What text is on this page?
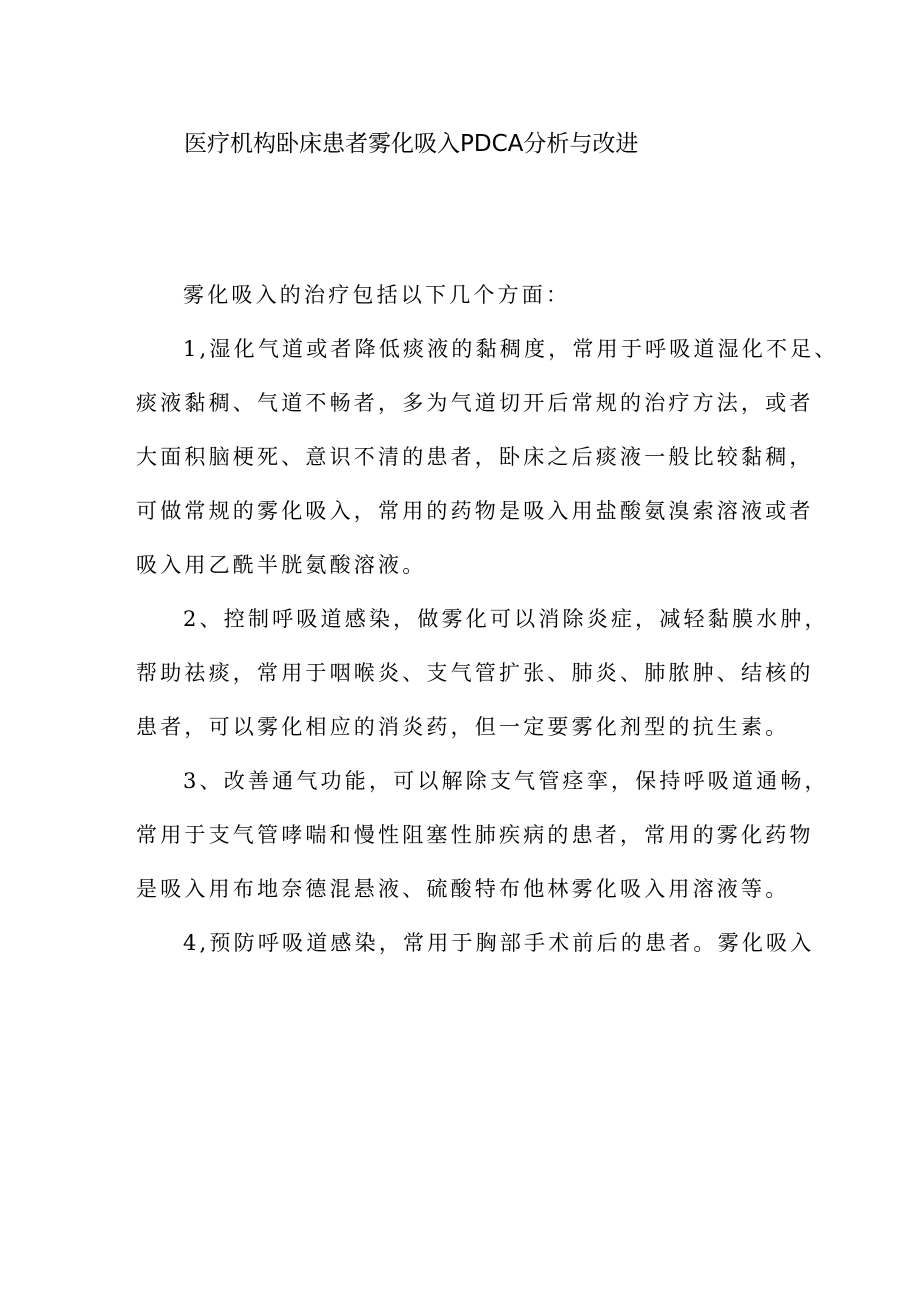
医疗机构卧床患者雾化吸入PDCA分析与改进
雾化吸入的治疗包括以下几个方面：
1,湿化气道或者降低痰液的黏稠度，常用于呼吸道湿化不足、
痰液黏稠、气道不畅者，多为气道切开后常规的治疗方法，或者
大面积脑梗死、意识不清的患者，卧床之后痰液一般比较黏稠，
可做常规的雾化吸入，常用的药物是吸入用盐酸氨溴索溶液或者
吸入用乙酰半胱氨酸溶液。
2、控制呼吸道感染，做雾化可以消除炎症，减轻黏膜水肿，
帮助祛痰，常用于咽喉炎、支气管扩张、肺炎、肺脓肿、结核的
患者，可以雾化相应的消炎药，但一定要雾化剂型的抗生素。
3、改善通气功能，可以解除支气管痉挛，保持呼吸道通畅，
常用于支气管哮喘和慢性阻塞性肺疾病的患者，常用的雾化药物
是吸入用布地奈德混悬液、硫酸特布他林雾化吸入用溶液等。
4,预防呼吸道感染，常用于胸部手术前后的患者。雾化吸入
